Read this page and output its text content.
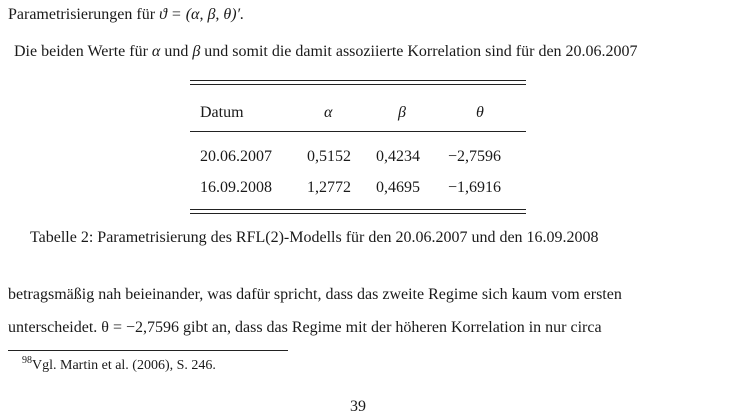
Parametrisierungen für ϑ = (α, β, θ)′.
Die beiden Werte für α und β und somit die damit assoziierte Korrelation sind für den 20.06.2007
Datum	α	β	θ
20.06.2007 0,5152 0,4234 −2,7596
16.09.2008 1,2772 0,4695 −1,6916
Tabelle 2: Parametrisierung des RFL(2)-Modells für den 20.06.2007 und den 16.09.2008
betragsmäßig nah beieinander, was dafür spricht, dass das zweite Regime sich kaum vom ersten
unterscheidet. θ = −2,7596 gibt an, dass das Regime mit der höheren Korrelation in nur circa
$^{98}$Vgl. Martin et al. (2006), S. 246.
39
